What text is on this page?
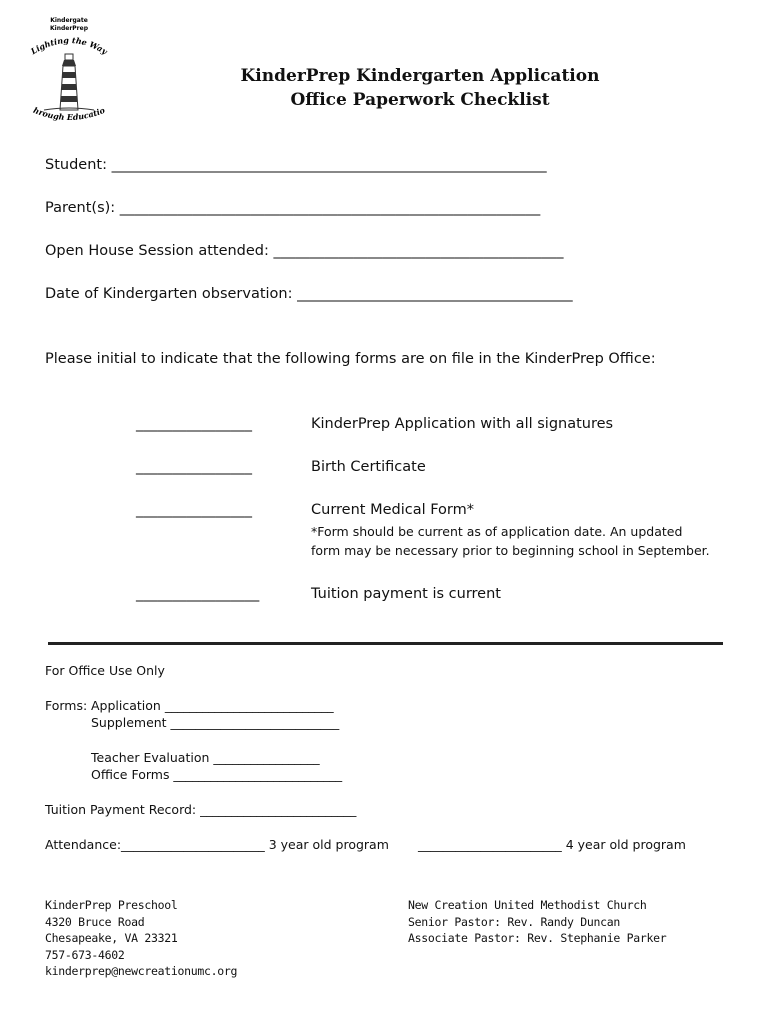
Kindergate
KinderPrep
ighting the Wa
hrough Educatio
KinderPrep Kindergarten Application
Office Paperwork Checklist
Student: ____________________________________________________________
Parent(s): __________________________________________________________
Open House Session attended: ________________________________________
Date of Kindergarten observation: ______________________________________
Please initial to indicate that the following forms are on file in the KinderPrep Office:
________________	KinderPrep Application with all signatures
________________	Birth Certificate
________________	Current Medical Form*
*Form should be current as of application date. An updated
form may be necessary prior to beginning school in September.
_________________	Tuition payment is current
For Office Use Only
Forms: Application ___________________________
Supplement ___________________________
Teacher Evaluation _________________
Office Forms ___________________________
Tuition Payment Record: _________________________
Attendance: _______________________ 3 year old program _______________________ 4 year old program
KinderPrep Preschool
4320 Bruce Road
Chesapeake, VA 23321
757-673-4602
kinderprep@newcreationumc.org
New Creation United Methodist Church
Senior Pastor: Rev. Randy Duncan
Associate Pastor: Rev. Stephanie Parker
